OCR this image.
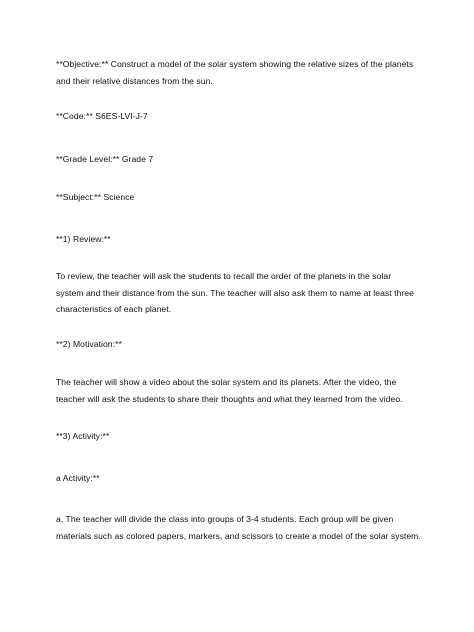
**Objective:** Construct a model of the solar system showing the relative sizes of the planets and their relative distances from the sun.
**Code:** S6ES-LVI-J-7
**Grade Level:** Grade 7
**Subject:** Science
**1) Review:**
To review, the teacher will ask the students to recall the order of the planets in the solar system and their distance from the sun. The teacher will also ask them to name at least three characteristics of each planet.
**2) Motivation:**
The teacher will show a video about the solar system and its planets. After the video, the teacher will ask the students to share their thoughts and what they learned from the video.
**3) Activity:**
a Activity:**
a. The teacher will divide the class into groups of 3-4 students. Each group will be given materials such as colored papers, markers, and scissors to create a model of the solar system.
